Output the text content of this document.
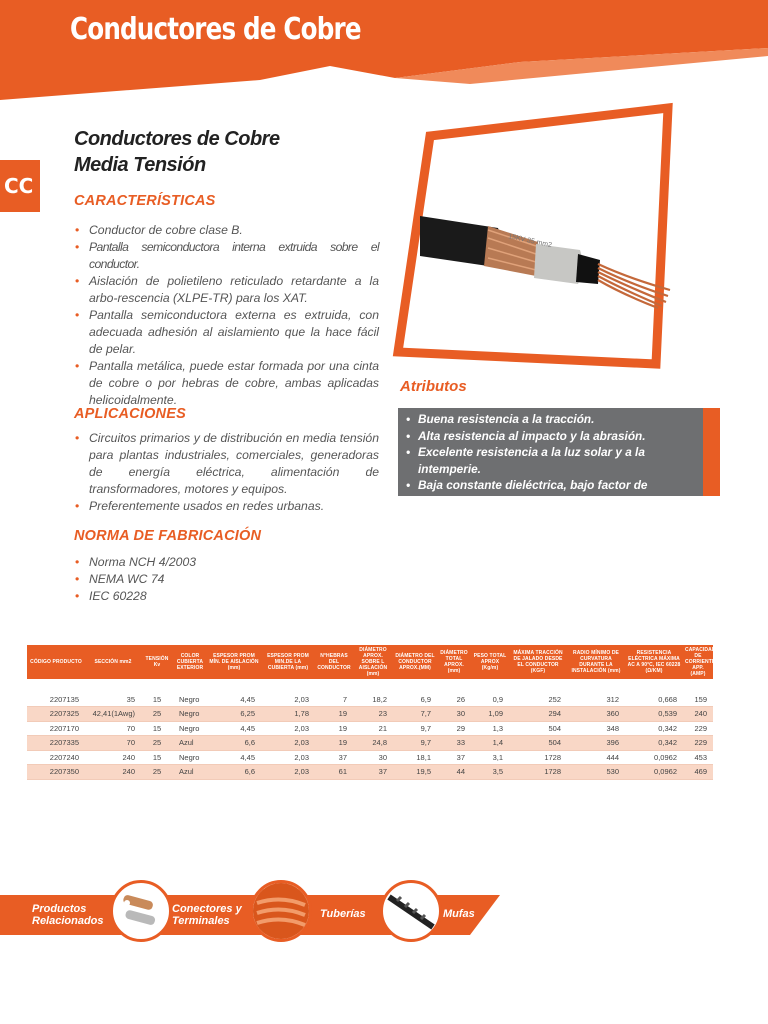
Conductores de Cobre
CC
Conductores de Cobre
Media Tensión
CARACTERÍSTICAS
• Conductor de cobre clase B.
• Pantalla semiconductora interna extruida sobre el conductor.
• Aislación de polietileno reticulado retardante a la arbo-rescencia (XLPE-TR) para los XAT.
• Pantalla semiconductora externa es extruida, con adecuada adhesión al aislamiento que la hace fácil de pelar.
• Pantalla metálica, puede estar formada por una cinta de cobre o por hebras de cobre, ambas aplicadas helicoidalmente.
APLICACIONES
• Circuitos primarios y de distribución en media tensión para plantas industriales, comerciales, generadoras de energía eléctrica, alimentación de transformadores, motores y equipos.
• Preferentemente usados en redes urbanas.
NORMA DE FABRICACIÓN
• Norma NCH 4/2003
• NEMA WC 74
• IEC 60228
15KV 35 mm2
Atributos
• Buena resistencia a la tracción.
• Alta resistencia al impacto y la abrasión.
• Excelente resistencia a la luz solar y a la intemperie.
• Baja constante dieléctrica, bajo factor de pérdidas y gran resistencia de aislación.
CÓDIGO PRODUCTO	SECCIÓN mm2	TENSIÓN Kv	COLOR CUBIERTA EXTERIOR	ESPESOR PROM MÍN. DE AISLACIÓN (mm)	ESPESOR PROM MIN.DE LA CUBIERTA (mm)	N°HEBRAS DEL CONDUCTOR	DIÁMETRO APROX. SOBRE L AISLACIÓN (mm)	DIÁMETRO DEL CONDUCTOR APROX.(MM)	DIÁMETRO TOTAL APROX.(mm)	PESO TOTAL APROX (Kg/m)	MÁXIMA TRACCIÓN DE JALADO DESDE EL CONDUCTOR (KGF)	RADIO MÍNIMO DE CURVATURA DURANTE LA INSTALACIÓN (mm)	RESISTENCIA ELÉCTRICA MÁXIMA AC A 90°C, IEC 60228 (Ω/KM)	CAPACIDAD DE CORRIENTE APP. (AMP)

2207135	35	15	Negro	4,45	2,03	7	18,2	6,9	26	0,9	252	312	0,668	159
2207325	42,41(1Awg)	25	Negro	6,25	1,78	19	23	7,7	30	1,09	294	360	0,539	240
2207170	70	15	Negro	4,45	2,03	19	21	9,7	29	1,3	504	348	0,342	229
2207335	70	25	Azul	6,6	2,03	19	24,8	9,7	33	1,4	504	396	0,342	229
2207240	240	15	Negro	4,45	2,03	37	30	18,1	37	3,1	1728	444	0,0962	453
2207350	240	25	Azul	6,6	2,03	61	37	19,5	44	3,5	1728	530	0,0962	469
Productos Relacionados
Conectores y Terminales
Tuberías	Mufas
